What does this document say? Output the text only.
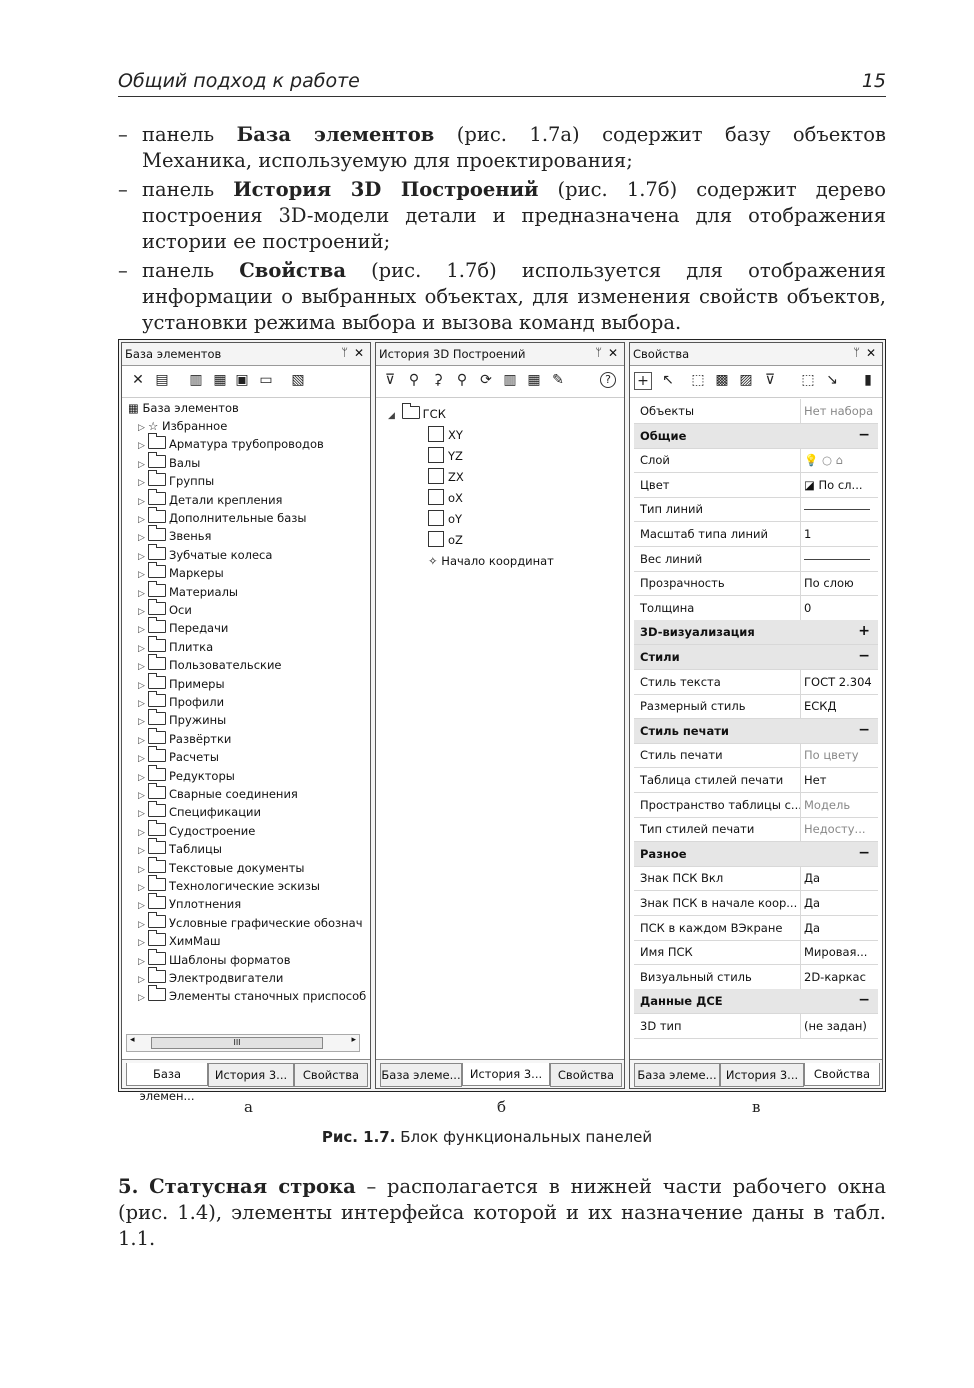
Общий подход к работе	15
– панель База элементов (рис. 1.7а) содержит базу объектов Механика, используемую для проектирования;
– панель История 3D Построений (рис. 1.7б) содержит дерево построения 3D-модели детали и предназначена для отображения истории ее построений;
– панель Свойства (рис. 1.7б) используется для отображения информации о выбранных объектах, для изменения свойств объектов, установки режима выбора и вызова команд выбора.
База элементов	ᛘ ✕
✕ ▤ ▥ ▦ ▣ ▭ ▧
▦ База элементов
▷ ☆ Избранное
▷ Арматура трубопроводов
▷ Валы
▷ Группы
▷ Детали крепления
▷ Дополнительные базы
▷ Звенья
▷ Зубчатые колеса
▷ Маркеры
▷ Материалы
▷ Оси
▷ Передачи
▷ Плитка
▷ Пользовательские
▷ Примеры
▷ Профили
▷ Пружины
▷ Развёртки
▷ Расчеты
▷ Редукторы
▷ Сварные соединения
▷ Спецификации
▷ Судостроение
▷ Таблицы
▷ Текстовые документы
▷ Технологические эскизы
▷ Уплотнения
▷ Условные графические обознач
▷ ХимМаш
▷ Шаблоны форматов
▷ Электродвигатели
▷ Элементы станочных приспособ
◂	III	▸
База элемен...
История 3...	Свойства
История 3D Построений	ᛘ ✕
⊽ ⚲ ⚳ ⚲ ⟳ ▥ ▦ ✎	?
◢ ГСК
XY
YZ
ZX
oX
oY
oZ
✧ Начало координат
База элеме... История 3...	Свойства
Свойства	ᛘ ✕
+ ↖ ⬚ ▩ ▨ ⊽ ⬚ ↘ ▮
Объекты	Нет набора
Общие	−
Слой	💡 ○ ⌂
Цвет	◪ По сл...
Тип линий
Масштаб типа линий	1
Вес линий
Прозрачность	По слою
Толщина	0
3D-визуализация	+
Стили	−
Стиль текста	ГОСТ 2.304
Размерный стиль	ЕСКД
Стиль печати	−
Стиль печати	По цвету
Таблица стилей печати	Нет
Пространство таблицы с... Модель
Тип стилей печати	Недосту...
Разное	−
Знак ПСК Вкл	Да
Знак ПСК в начале коор... Да
ПСК в каждом ВЭкране	Да
Имя ПСК	Мировая...
Визуальный стиль	2D-каркас
Данные ДСЕ	−
3D тип	(не задан)
База элеме... История 3...	Свойства
а	б	в
Рис. 1.7. Блок функциональных панелей
5. Статусная строка – располагается в нижней части рабочего окна (рис. 1.4), элементы интерфейса которой и их назначение даны в табл. 1.1.
